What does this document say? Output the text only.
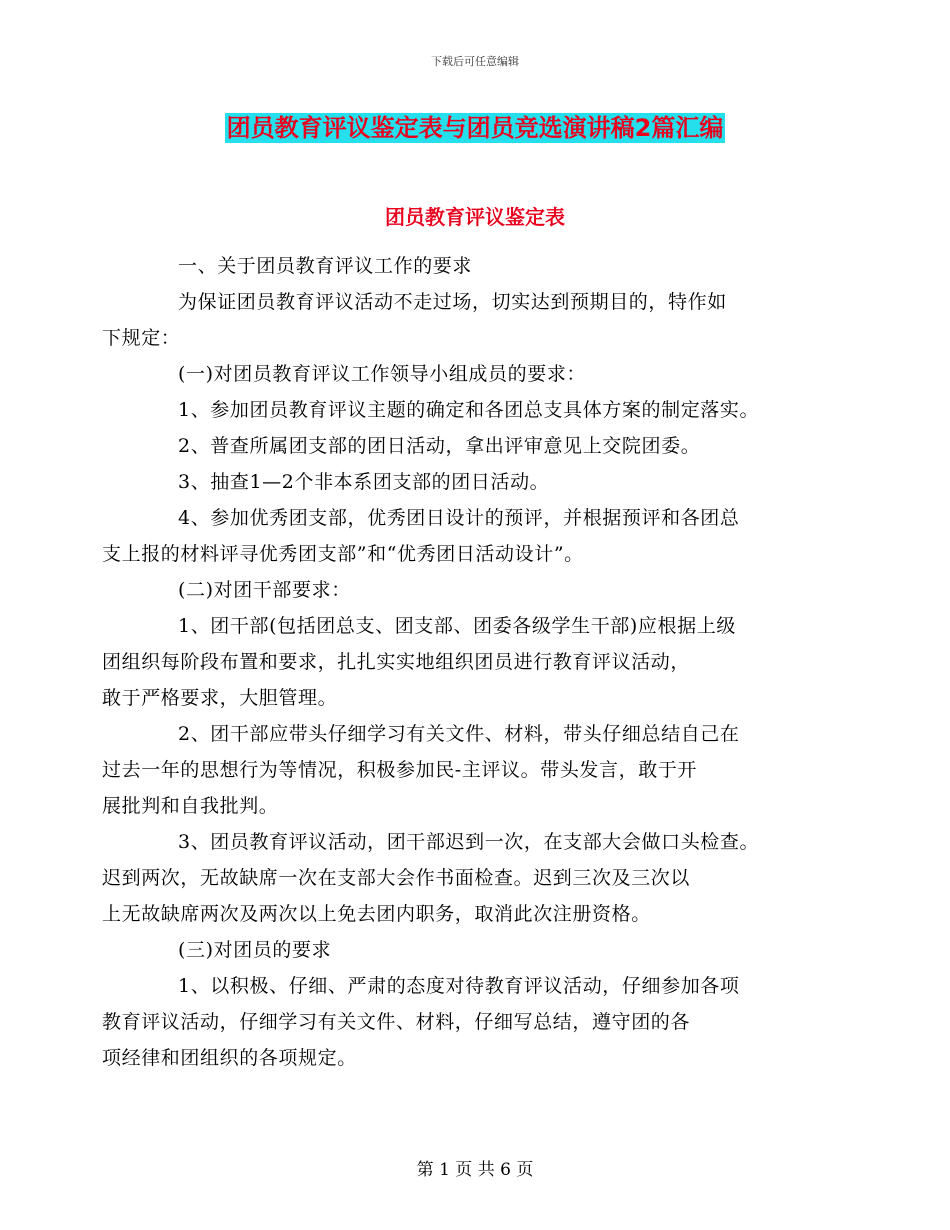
下载后可任意编辑
团员教育评议鉴定表与团员竞选演讲稿2篇汇编
团员教育评议鉴定表

一、关于团员教育评议工作的要求

为保证团员教育评议活动不走过场，切实达到预期目的，特作如
下规定：

(一)对团员教育评议工作领导小组成员的要求：

1、参加团员教育评议主题的确定和各团总支具体方案的制定落实。

2、普查所属团支部的团日活动，拿出评审意见上交院团委。

3、抽查1—2个非本系团支部的团日活动。

4、参加优秀团支部，优秀团日设计的预评，并根据预评和各团总
支上报的材料评寻优秀团支部”和“优秀团日活动设计”。

(二)对团干部要求：

1、团干部(包括团总支、团支部、团委各级学生干部)应根据上级
团组织每阶段布置和要求，扎扎实实地组织团员进行教育评议活动，
敢于严格要求，大胆管理。

2、团干部应带头仔细学习有关文件、材料，带头仔细总结自己在
过去一年的思想行为等情况，积极参加民-主评议。带头发言，敢于开
展批判和自我批判。

3、团员教育评议活动，团干部迟到一次，在支部大会做口头检查。
迟到两次，无故缺席一次在支部大会作书面检查。迟到三次及三次以
上无故缺席两次及两次以上免去团内职务，取消此次注册资格。

(三)对团员的要求

1、以积极、仔细、严肃的态度对待教育评议活动，仔细参加各项
教育评议活动，仔细学习有关文件、材料，仔细写总结，遵守团的各
项经律和团组织的各项规定。

第 1 页 共 6 页
